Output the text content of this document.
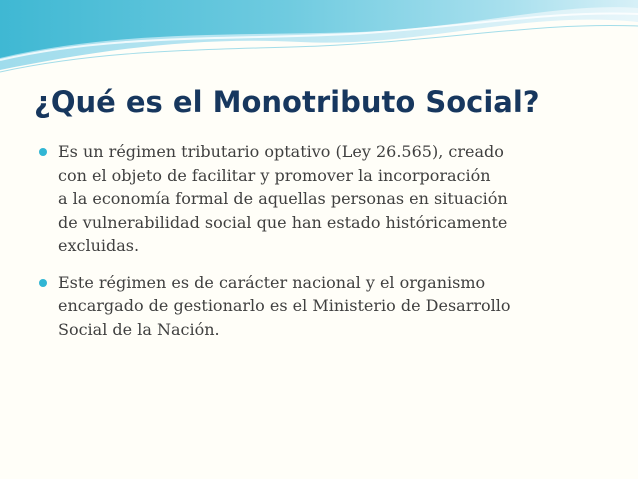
¿Qué es el Monotributo Social?
Es un régimen tributario optativo (Ley 26.565), creado
con el objeto de facilitar y promover la incorporación
a la economía formal de aquellas personas en situación
de vulnerabilidad social que han estado históricamente
excluidas.
Este régimen es de carácter nacional y el organismo
encargado de gestionarlo es el Ministerio de Desarrollo
Social de la Nación.
